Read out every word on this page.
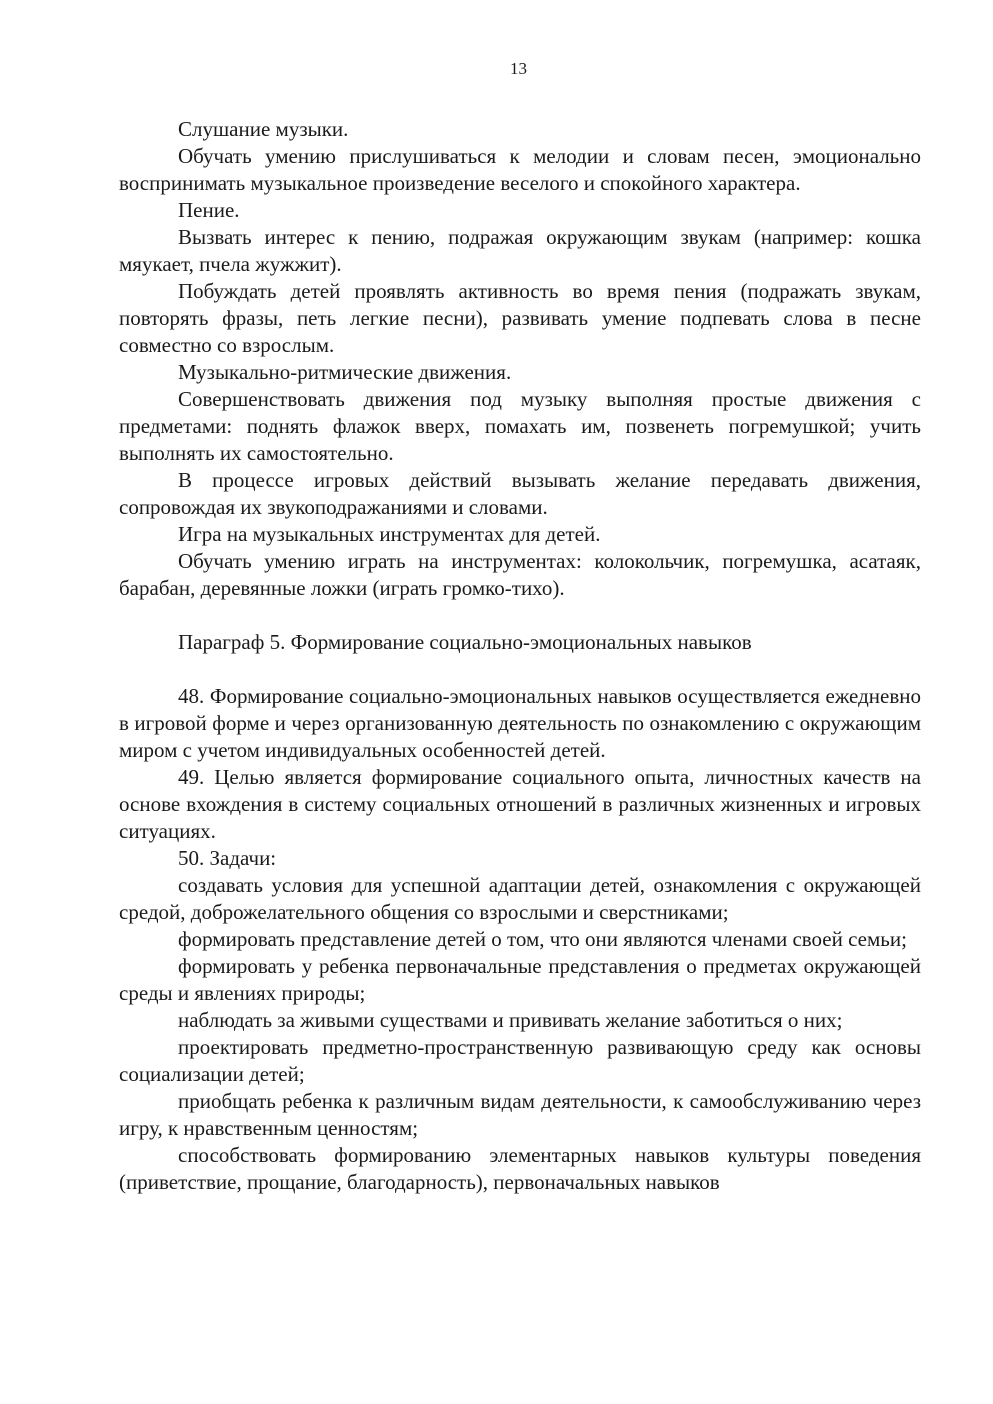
13

Слушание музыки.

Обучать умению прислушиваться к мелодии и словам песен, эмоционально воспринимать музыкальное произведение веселого и спокойного характера.

Пение.

Вызвать интерес к пению, подражая окружающим звукам (например: кошка мяукает, пчела жужжит).

Побуждать детей проявлять активность во время пения (подражать звукам, повторять фразы, петь легкие песни), развивать умение подпевать слова в песне совместно со взрослым.

Музыкально-ритмические движения.

Совершенствовать движения под музыку выполняя простые движения с предметами: поднять флажок вверх, помахать им, позвенеть погремушкой; учить выполнять их самостоятельно.

В процессе игровых действий вызывать желание передавать движения, сопровождая их звукоподражаниями и словами.

Игра на музыкальных инструментах для детей.

Обучать умению играть на инструментах: колокольчик, погремушка, асатаяк, барабан, деревянные ложки (играть громко-тихо).

Параграф 5. Формирование социально-эмоциональных навыков

48. Формирование социально-эмоциональных навыков осуществляется ежедневно в игровой форме и через организованную деятельность по ознакомлению с окружающим миром с учетом индивидуальных особенностей детей.

49. Целью является формирование социального опыта, личностных качеств на основе вхождения в систему социальных отношений в различных жизненных и игровых ситуациях.

50. Задачи:

создавать условия для успешной адаптации детей, ознакомления с окружающей средой, доброжелательного общения со взрослыми и сверстниками;

формировать представление детей о том, что они являются членами своей семьи;

формировать у ребенка первоначальные представления о предметах окружающей среды и явлениях природы;

наблюдать за живыми существами и прививать желание заботиться о них;

проектировать предметно-пространственную развивающую среду как основы социализации детей;

приобщать ребенка к различным видам деятельности, к самообслуживанию через игру, к нравственным ценностям;

способствовать формированию элементарных навыков культуры поведения (приветствие, прощание, благодарность), первоначальных навыков
